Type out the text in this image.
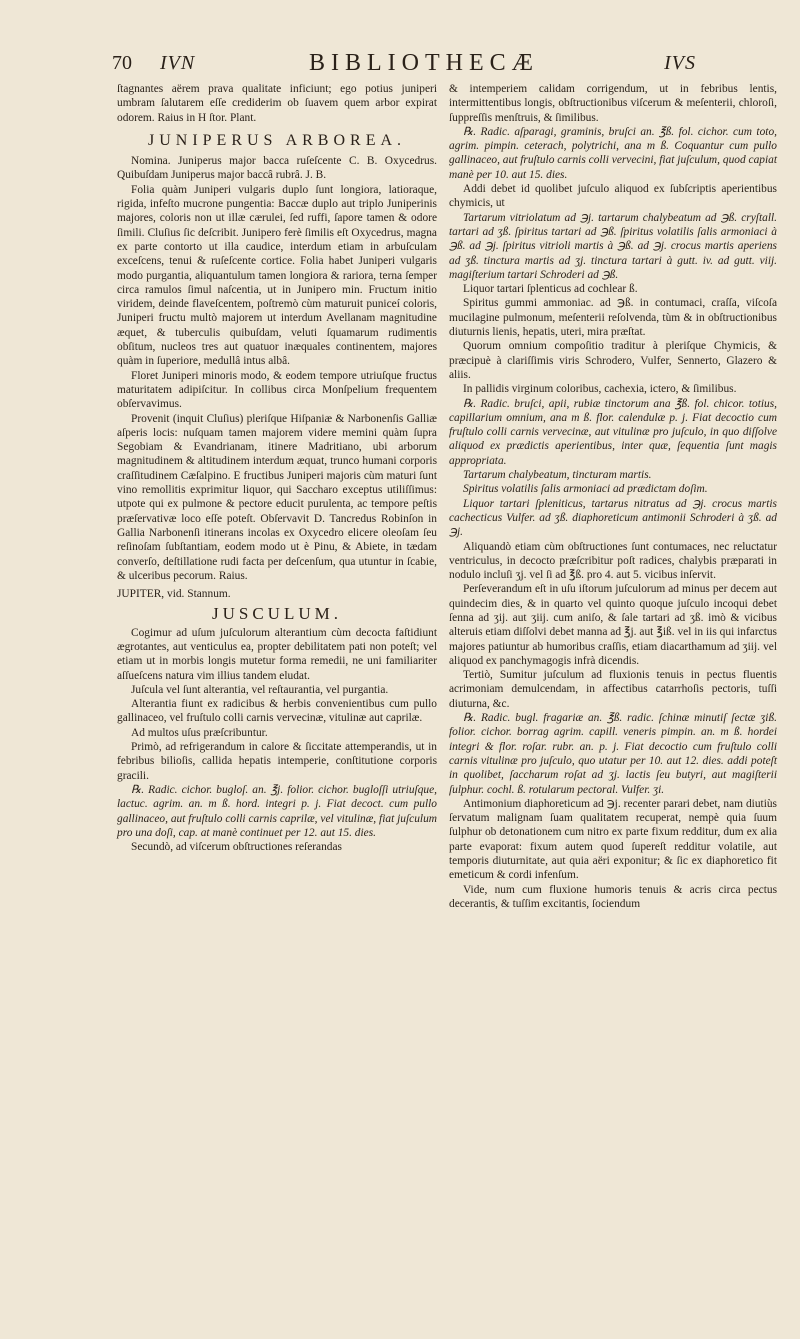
70 IVN	BIBLIOTHECÆ	IVS

ſtagnantes aërem prava qualitate inficiunt; ego potius juniperi umbram ſalutarem eſſe crediderim ob ſuavem quem arbor expirat odorem. Raius in H ſtor. Plant.

JUNIPERUS ARBOREA.

Nomina. Juniperus major bacca ruſeſcente C. B. Oxycedrus. Quibuſdam Juniperus major baccâ rubrâ. J. B.

Folia quàm Juniperi vulgaris duplo ſunt longiora, latioraque, rigida, infeſto mucrone pungentia: Baccæ duplo aut triplo Juniperinis majores, coloris non ut illæ cærulei, ſed ruffi, ſapore tamen & odore ſimili. Cluſius ſic deſcribit. Junipero ferè ſimilis eſt Oxycedrus, magna ex parte contorto ut illa caudice, interdum etiam in arbuſculam exceſcens, tenui & ruſeſcente cortice. Folia habet Juniperi vulgaris modo purgantia, aliquantulum tamen longiora & rariora, terna ſemper circa ramulos ſimul naſcentia, ut in Junipero min. Fructum initio viridem, deinde flaveſcentem, poſtremò cùm maturuit puniceí coloris, Juniperi fructu multò majorem ut interdum Avellanam magnitudine æquet, & tuberculis quibuſdam, veluti ſquamarum rudimentis obſitum, nucleos tres aut quatuor inæquales continentem, majores quàm in ſuperiore, medullâ intus albâ.

Floret Juniperi minoris modo, & eodem tempore utriuſque fructus maturitatem adipiſcitur. In collibus circa Monſpelium frequentem obſervavimus.

Provenit (inquit Cluſius) pleriſque Hiſpaniæ & Narbonenſis Galliæ aſperis locis: nuſquam tamen majorem videre memini quàm ſupra Segobiam & Evandrianam, itinere Madritiano, ubi arborum magnitudinem & altitudinem interdum æquat, trunco humani corporis craſſitudinem Cæſalpino. E fructibus Juniperi majoris cùm maturi ſunt vino remollitis exprimitur liquor, qui Saccharo exceptus utiliſſimus: utpote qui ex pulmone & pectore educit purulenta, ac tempore peſtis præſervativæ loco eſſe poteſt. Obſervavit D. Tancredus Robinſon in Gallia Narbonenſi itinerans incolas ex Oxycedro elicere oleoſam ſeu reſinoſam ſubſtantiam, eodem modo ut è Pinu, & Abiete, in tædam converſo, deſtillatione rudi facta per deſcenſum, qua utuntur in ſcabie, & ulceribus pecorum. Raius.

JUPITER, vid. Stannum.

JUSCULUM.

Cogimur ad uſum juſculorum alterantium cùm decocta faſtidiunt ægrotantes, aut venticulus ea, propter debilitatem pati non poteſt; vel etiam ut in morbis longis mutetur forma remedii, ne uni familiariter aſſueſcens natura vim illius tandem eludat.

Juſcula vel ſunt alterantia, vel reſtaurantia, vel purgantia.

Alterantia fiunt ex radicibus & herbis convenientibus cum pullo gallinaceo, vel fruſtulo colli carnis vervecinæ, vitulinæ aut caprilæ.

Ad multos uſus præſcribuntur.

Primò, ad refrigerandum in calore & ſiccitate attemperandis, ut in febribus bilioſis, callida hepatis intemperie, conſtitutione corporis gracili.

℞. Radic. cichor. bugloſ. an. ℥j. folior. cichor. bugloſſi utriuſque, lactuc. agrim. an. m ß. hord. integri p. j. Fiat decoct. cum pullo gallinaceo, aut fruſtulo colli carnis caprilæ, vel vitulinæ, fiat juſculum pro una doſi, cap. at manè continuet per 12. aut 15. dies.

Secundò, ad viſcerum obſtructiones reſerandas

& intemperiem calidam corrigendum, ut in febribus lentis, intermittentibus longis, obſtructionibus viſcerum & meſenterii, chloroſi, ſuppreſſis menſtruis, & ſimilibus.

℞. Radic. aſparagi, graminis, bruſci an. ℥ß. fol. cichor. cum toto, agrim. pimpin. ceterach, polytrichi, ana m ß. Coquantur cum pullo gallinaceo, aut fruſtulo carnis colli vervecini, fiat juſculum, quod capiat manè per 10. aut 15. dies.

Addi debet id quolibet juſculo aliquod ex ſubſcriptis aperientibus chymicis, ut

Tartarum vitriolatum ad ℈j. tartarum chalybeatum ad ℈ß. cryſtall. tartari ad ʒß. ſpiritus tartari ad ℈ß. ſpiritus volatilis ſalis armoniaci à ℈ß. ad ℈j. ſpiritus vitrioli martis à ℈ß. ad ℈j. crocus martis aperiens ad ʒß. tinctura martis ad ʒj. tinctura tartari à gutt. iv. ad gutt. viij. magiſterium tartari Schroderi ad ℈ß.

Liquor tartari ſplenticus ad cochlear ß.

Spiritus gummi ammoniac. ad ℈ß. in contumaci, craſſa, viſcoſa mucilagine pulmonum, meſenterii reſolvenda, tùm & in obſtructionibus diuturnis lienis, hepatis, uteri, mira præſtat.

Quorum omnium compoſitio traditur à pleriſque Chymicis, & præcipuè à clariſſimis viris Schrodero, Vulfer, Sennerto, Glazero & aliis.

In pallidis virginum coloribus, cachexia, ictero, & ſimilibus.

℞. Radic. bruſci, apii, rubiæ tinctorum ana ℥ß. fol. chicor. totius, capillarium omnium, ana m ß. flor. calendulæ p. j. Fiat decoctio cum fruſtulo colli carnis vervecinæ, aut vitulinæ pro juſculo, in quo diſſolve aliquod ex prædictis aperientibus, inter quæ, ſequentia ſunt magis appropriata.

Tartarum chalybeatum, tincturam martis.

Spiritus volatilis ſalis armoniaci ad prædictam doſim.

Liquor tartari ſpleniticus, tartarus nitratus ad ℈j. crocus martis cachecticus Vulfer. ad ʒß. diaphoreticum antimonii Schroderi à ʒß. ad ℈j.

Aliquandò etiam cùm obſtructiones ſunt contumaces, nec reluctatur ventriculus, in decocto præſcribitur poſt radices, chalybis præparati in nodulo incluſi ʒj. vel ſi ad ℥ß. pro 4. aut 5. vicibus inſervit.

Perſeverandum eſt in uſu iſtorum juſculorum ad minus per decem aut quindecim dies, & in quarto vel quinto quoque juſculo incoqui debet ſenna ad ʒij. aut ʒiij. cum aniſo, & ſale tartari ad ʒß. imò & vicibus alteruis etiam diſſolvi debet manna ad ℥j. aut ℥iß. vel in iis qui infarctus majores patiuntur ab humoribus craſſis, etiam diacarthamum ad ʒiij. vel aliquod ex panchymagogis infrà dicendis.

Tertiò, Sumitur juſculum ad fluxionis tenuis in pectus fluentis acrimoniam demulcendam, in affectibus catarrhoſis pectoris, tuſſi diuturna, &c.

℞. Radic. bugl. fragariæ an. ℥ß. radic. ſchinæ minutiſ ſectæ ʒiß. folior. cichor. borrag agrim. capill. veneris pimpin. an. m ß. hordei integri & flor. roſar. rubr. an. p. j. Fiat decoctio cum fruſtulo colli carnis vitulinæ pro juſculo, quo utatur per 10. aut 12. dies. addi poteſt in quolibet, ſaccharum roſat ad ʒj. lactis ſeu butyri, aut magiſterii ſulphur. cochl. ß. rotularum pectoral. Vulfer. ʒi.

Antimonium diaphoreticum ad ℈j. recenter parari debet, nam diutiùs ſervatum malignam ſuam qualitatem recuperat, nempè quia ſuum ſulphur ob detonationem cum nitro ex parte fixum redditur, dum ex alia parte evaporat: fixum autem quod ſupereſt redditur volatile, aut temporis diuturnitate, aut quia aëri exponitur; & ſic ex diaphoretico fit emeticum & cordi infenſum.

Vide, num cum fluxione humoris tenuis & acris circa pectus decerantis, & tuſſim excitantis, ſociendum
